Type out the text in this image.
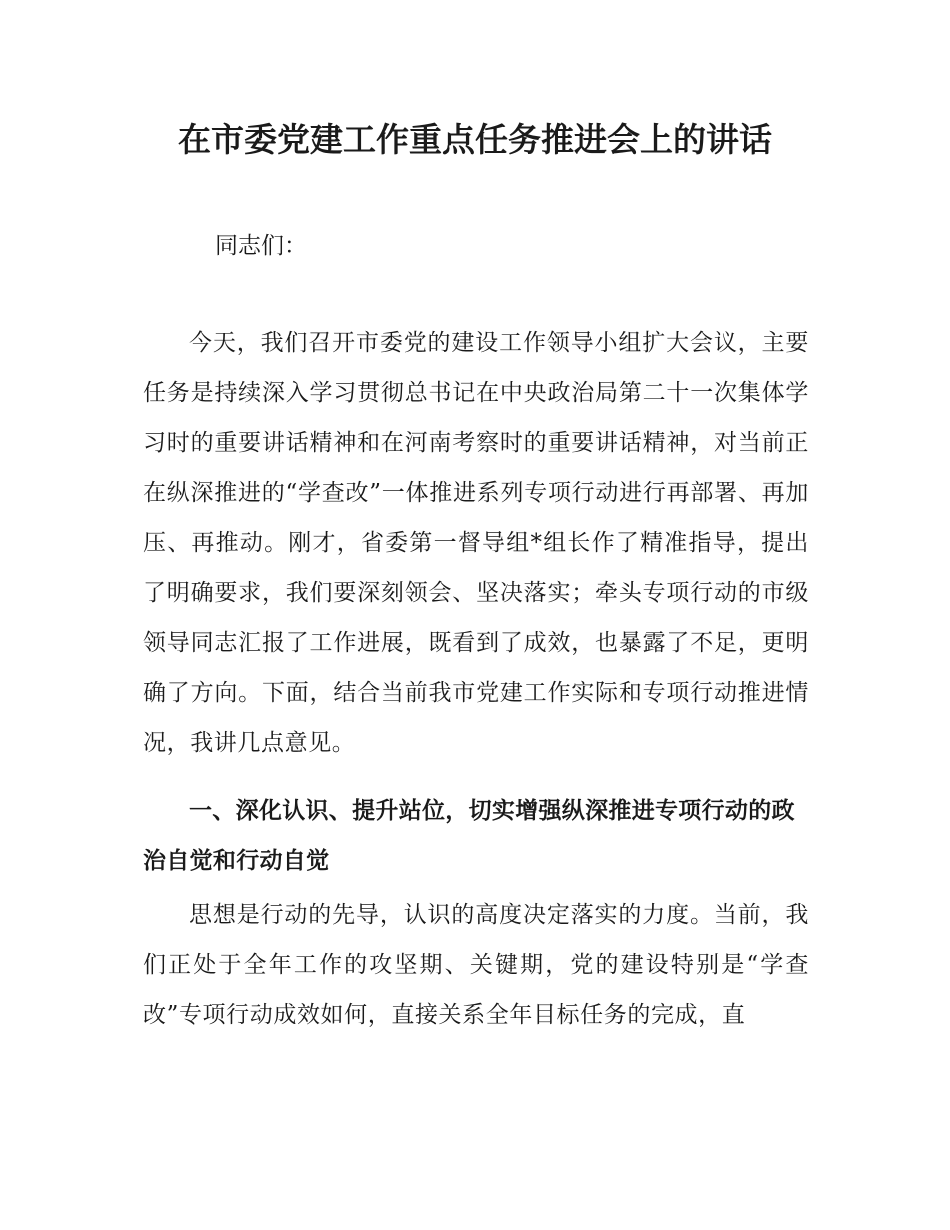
在市委党建工作重点任务推进会上的讲话

同志们：

今天，我们召开市委党的建设工作领导小组扩大会议，主要任务是持续深入学习贯彻总书记在中央政治局第二十一次集体学习时的重要讲话精神和在河南考察时的重要讲话精神，对当前正在纵深推进的“学查改”一体推进系列专项行动进行再部署、再加压、再推动。刚才，省委第一督导组*组长作了精准指导，提出了明确要求，我们要深刻领会、坚决落实；牵头专项行动的市级领导同志汇报了工作进展，既看到了成效，也暴露了不足，更明确了方向。下面，结合当前我市党建工作实际和专项行动推进情况，我讲几点意见。

一、深化认识、提升站位，切实增强纵深推进专项行动的政治自觉和行动自觉

思想是行动的先导，认识的高度决定落实的力度。当前，我们正处于全年工作的攻坚期、关键期，党的建设特别是“学查改”专项行动成效如何，直接关系全年目标任务的完成，直
